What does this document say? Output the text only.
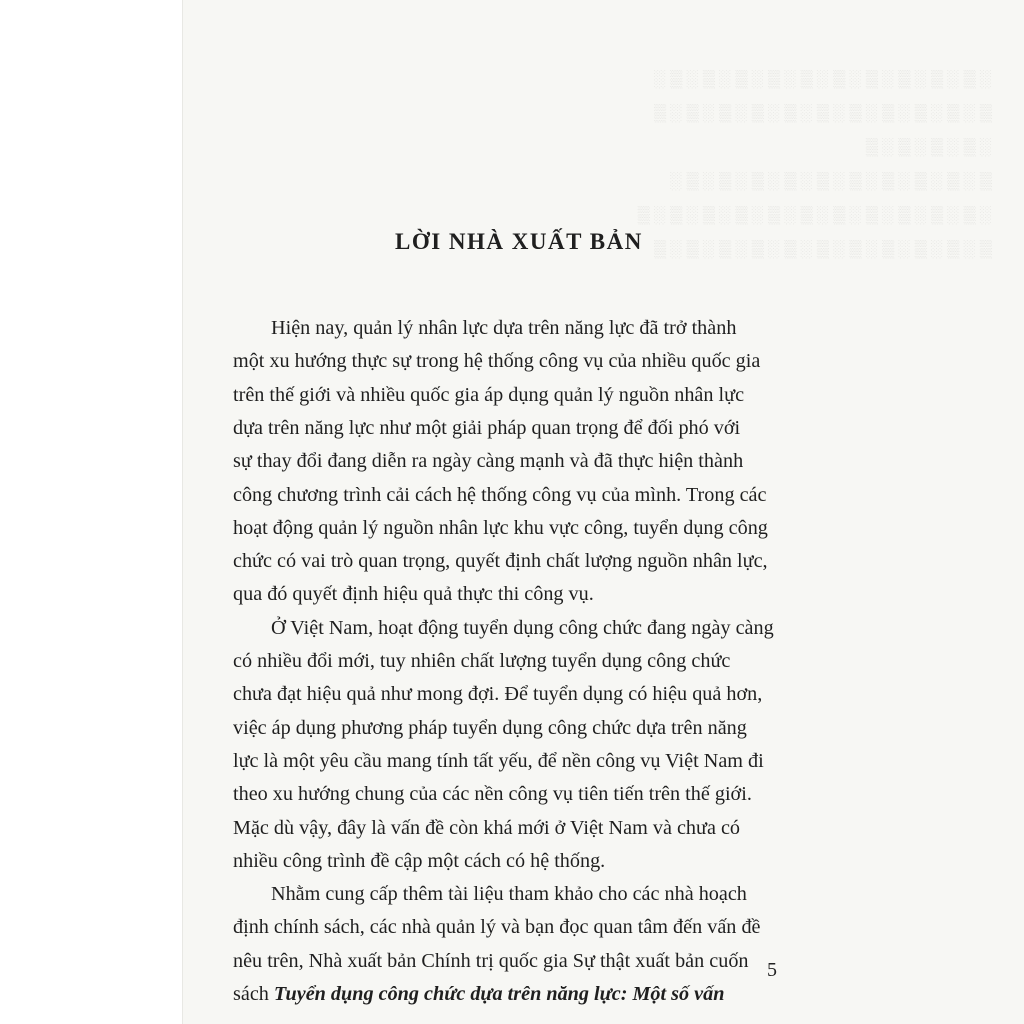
LỜI NHÀ XUẤT BẢN
Hiện nay, quản lý nhân lực dựa trên năng lực đã trở thành
một xu hướng thực sự trong hệ thống công vụ của nhiều quốc gia
trên thế giới và nhiều quốc gia áp dụng quản lý nguồn nhân lực
dựa trên năng lực như một giải pháp quan trọng để đối phó với
sự thay đổi đang diễn ra ngày càng mạnh và đã thực hiện thành
công chương trình cải cách hệ thống công vụ của mình. Trong các
hoạt động quản lý nguồn nhân lực khu vực công, tuyển dụng công
chức có vai trò quan trọng, quyết định chất lượng nguồn nhân lực,
qua đó quyết định hiệu quả thực thi công vụ.
Ở Việt Nam, hoạt động tuyển dụng công chức đang ngày càng
có nhiều đổi mới, tuy nhiên chất lượng tuyển dụng công chức
chưa đạt hiệu quả như mong đợi. Để tuyển dụng có hiệu quả hơn,
việc áp dụng phương pháp tuyển dụng công chức dựa trên năng
lực là một yêu cầu mang tính tất yếu, để nền công vụ Việt Nam đi
theo xu hướng chung của các nền công vụ tiên tiến trên thế giới.
Mặc dù vậy, đây là vấn đề còn khá mới ở Việt Nam và chưa có
nhiều công trình đề cập một cách có hệ thống.
Nhằm cung cấp thêm tài liệu tham khảo cho các nhà hoạch
định chính sách, các nhà quản lý và bạn đọc quan tâm đến vấn đề
nêu trên, Nhà xuất bản Chính trị quốc gia Sự thật xuất bản cuốn
sách Tuyển dụng công chức dựa trên năng lực: Một số vấn
5
